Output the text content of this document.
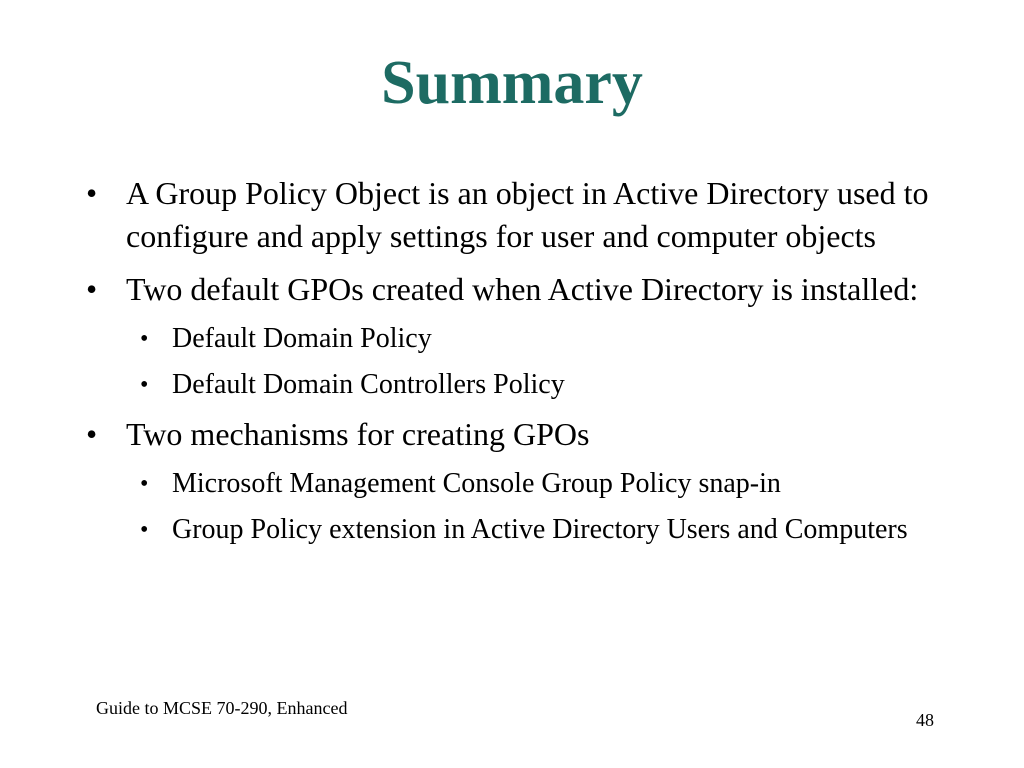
Summary
• A Group Policy Object is an object in Active Directory used to configure and apply settings for user and computer objects
• Two default GPOs created when Active Directory is installed:
• Default Domain Policy
• Default Domain Controllers Policy
• Two mechanisms for creating GPOs
• Microsoft Management Console Group Policy snap-in
• Group Policy extension in Active Directory Users and Computers
Guide to MCSE 70-290, Enhanced
48
